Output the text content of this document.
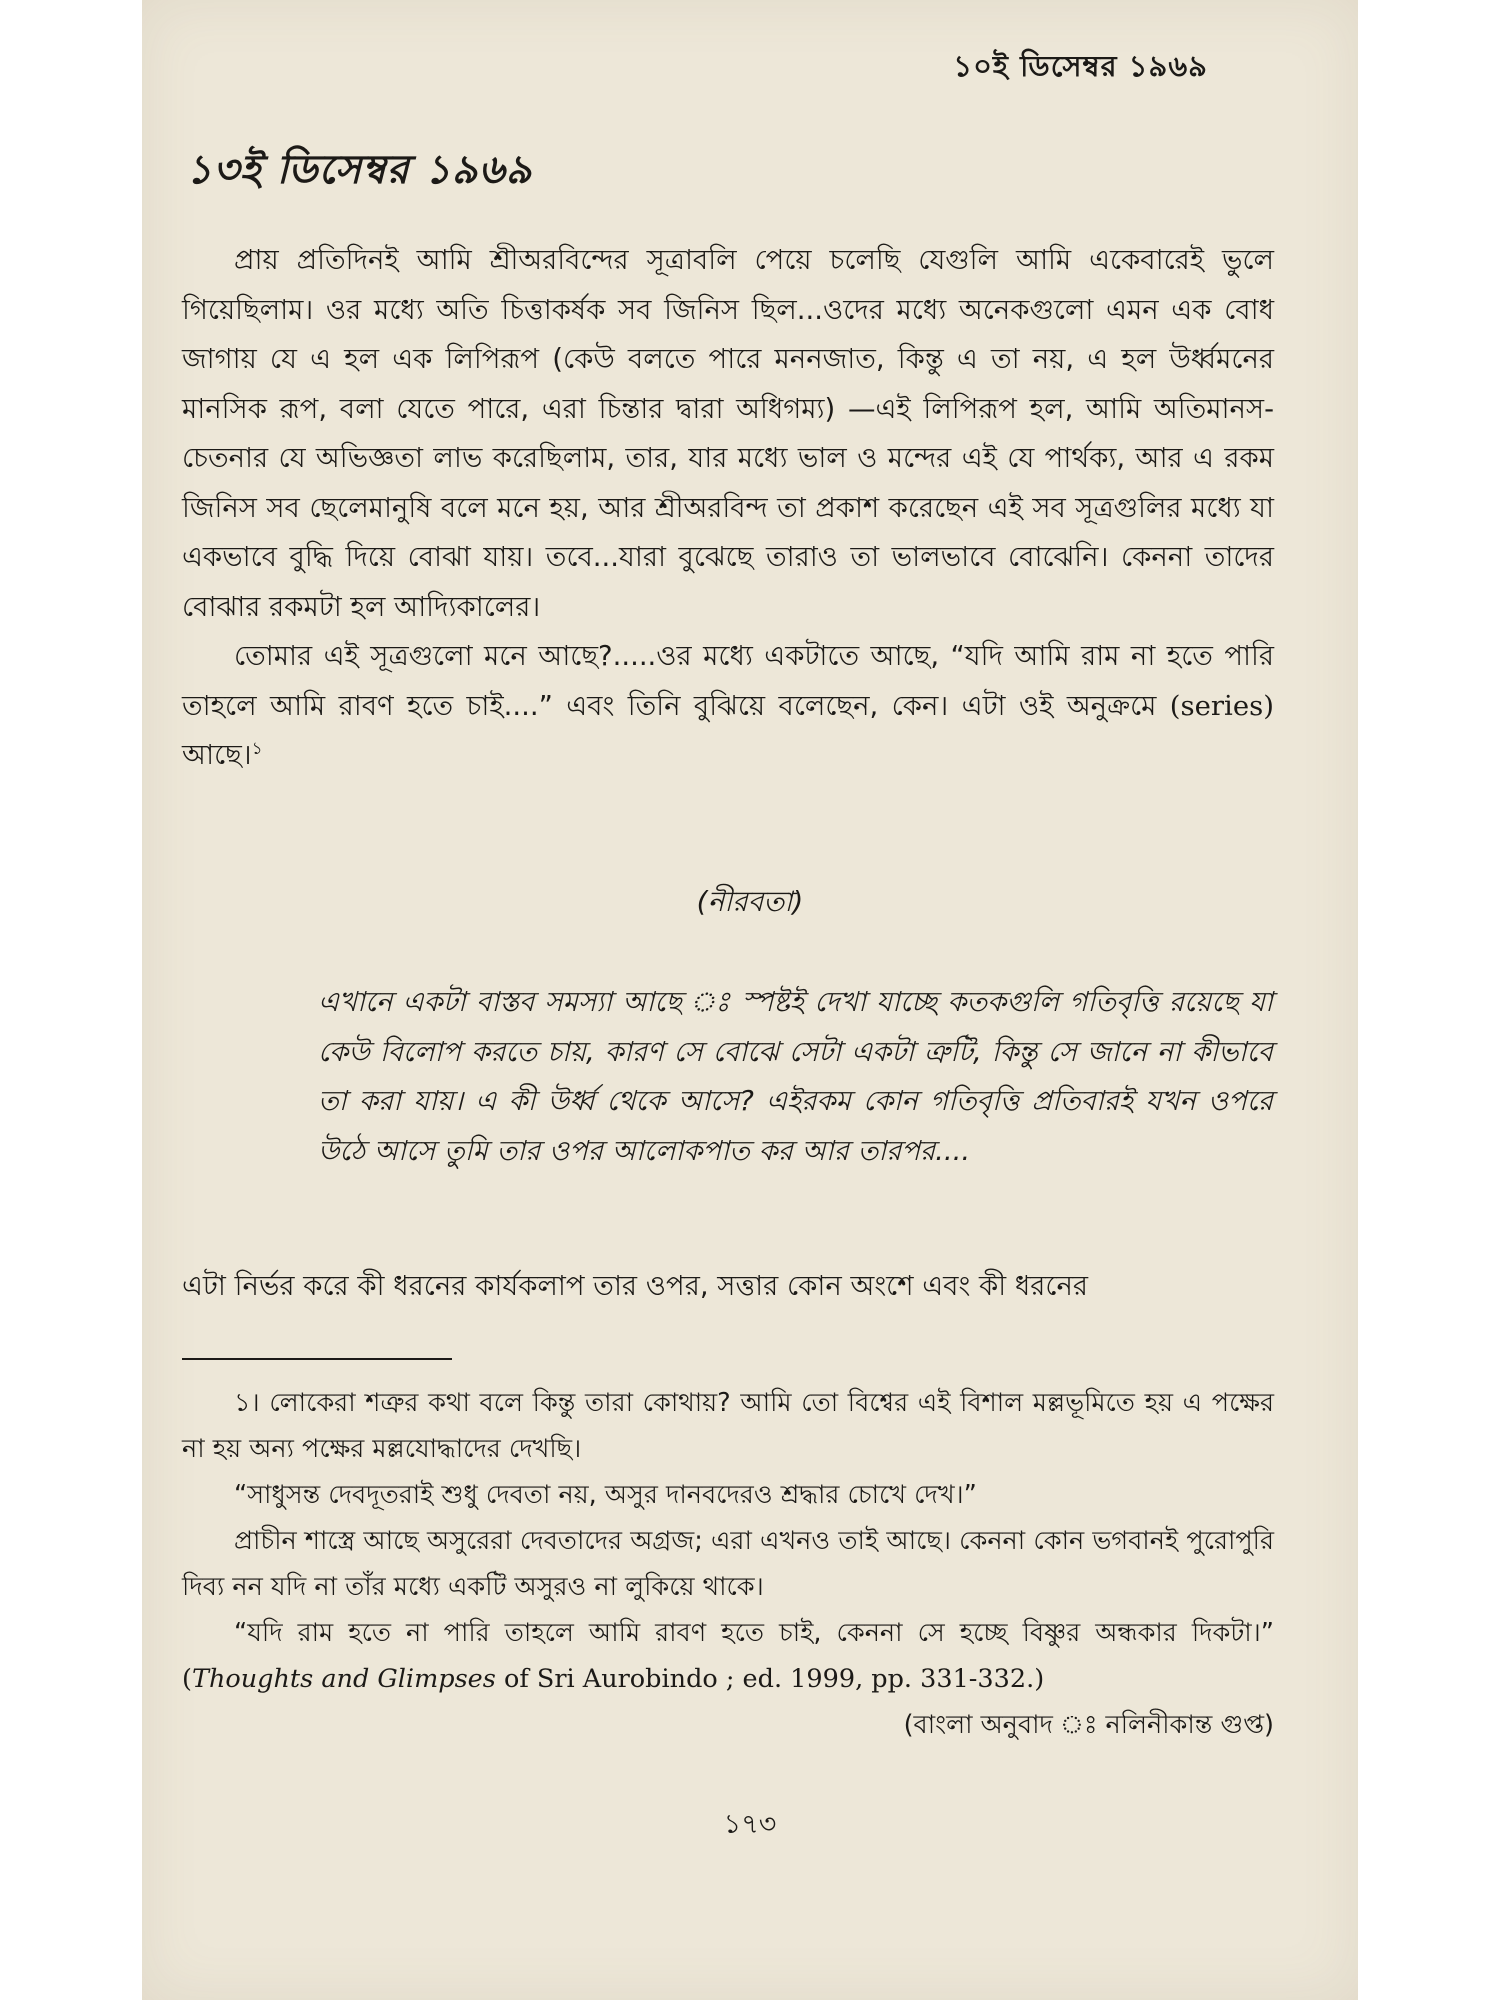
১০ই ডিসেম্বর ১৯৬৯

১৩ই ডিসেম্বর ১৯৬৯

প্রায় প্রতিদিনই আমি শ্রীঅরবিন্দের সূত্রাবলি পেয়ে চলেছি যেগুলি আমি একেবারেই ভুলে গিয়েছিলাম। ওর মধ্যে অতি চিত্তাকর্ষক সব জিনিস ছিল...ওদের মধ্যে অনেকগুলো এমন এক বোধ জাগায় যে এ হল এক লিপিরূপ (কেউ বলতে পারে মননজাত, কিন্তু এ তা নয়, এ হল উর্ধ্বমনের মানসিক রূপ, বলা যেতে পারে, এরা চিন্তার দ্বারা অধিগম্য) —এই লিপিরূপ হল, আমি অতিমানস-চেতনার যে অভিজ্ঞতা লাভ করেছিলাম, তার, যার মধ্যে ভাল ও মন্দের এই যে পার্থক্য, আর এ রকম জিনিস সব ছেলেমানুষি বলে মনে হয়, আর শ্রীঅরবিন্দ তা প্রকাশ করেছেন এই সব সূত্রগুলির মধ্যে যা একভাবে বুদ্ধি দিয়ে বোঝা যায়। তবে...যারা বুঝেছে তারাও তা ভালভাবে বোঝেনি। কেননা তাদের বোঝার রকমটা হল আদ্যিকালের।

তোমার এই সূত্রগুলো মনে আছে?.....ওর মধ্যে একটাতে আছে, “যদি আমি রাম না হতে পারি তাহলে আমি রাবণ হতে চাই....” এবং তিনি বুঝিয়ে বলেছেন, কেন। এটা ওই অনুক্রমে (series) আছে।$^১$

(নীরবতা)

এখানে একটা বাস্তব সমস্যা আছে ঃ স্পষ্টই দেখা যাচ্ছে কতকগুলি গতিবৃত্তি রয়েছে যা কেউ বিলোপ করতে চায়, কারণ সে বোঝে সেটা একটা ত্রুটি, কিন্তু সে জানে না কীভাবে তা করা যায়। এ কী উর্ধ্ব থেকে আসে? এইরকম কোন গতিবৃত্তি প্রতিবারই যখন ওপরে উঠে আসে তুমি তার ওপর আলোকপাত কর আর তারপর....

এটা নির্ভর করে কী ধরনের কার্যকলাপ তার ওপর, সত্তার কোন অংশে এবং কী ধরনের

১। লোকেরা শত্রুর কথা বলে কিন্তু তারা কোথায়? আমি তো বিশ্বের এই বিশাল মল্লভূমিতে হয় এ পক্ষের না হয় অন্য পক্ষের মল্লযোদ্ধাদের দেখছি।

“সাধুসন্ত দেবদূতরাই শুধু দেবতা নয়, অসুর দানবদেরও শ্রদ্ধার চোখে দেখ।”

প্রাচীন শাস্ত্রে আছে অসুরেরা দেবতাদের অগ্রজ; এরা এখনও তাই আছে। কেননা কোন ভগবানই পুরোপুরি দিব্য নন যদি না তাঁর মধ্যে একটি অসুরও না লুকিয়ে থাকে।

“যদি রাম হতে না পারি তাহলে আমি রাবণ হতে চাই, কেননা সে হচ্ছে বিষ্ণুর অন্ধকার দিকটা।” (Thoughts and Glimpses of Sri Aurobindo ; ed. 1999, pp. 331-332.)

(বাংলা অনুবাদ ঃ নলিনীকান্ত গুপ্ত)

১৭৩
